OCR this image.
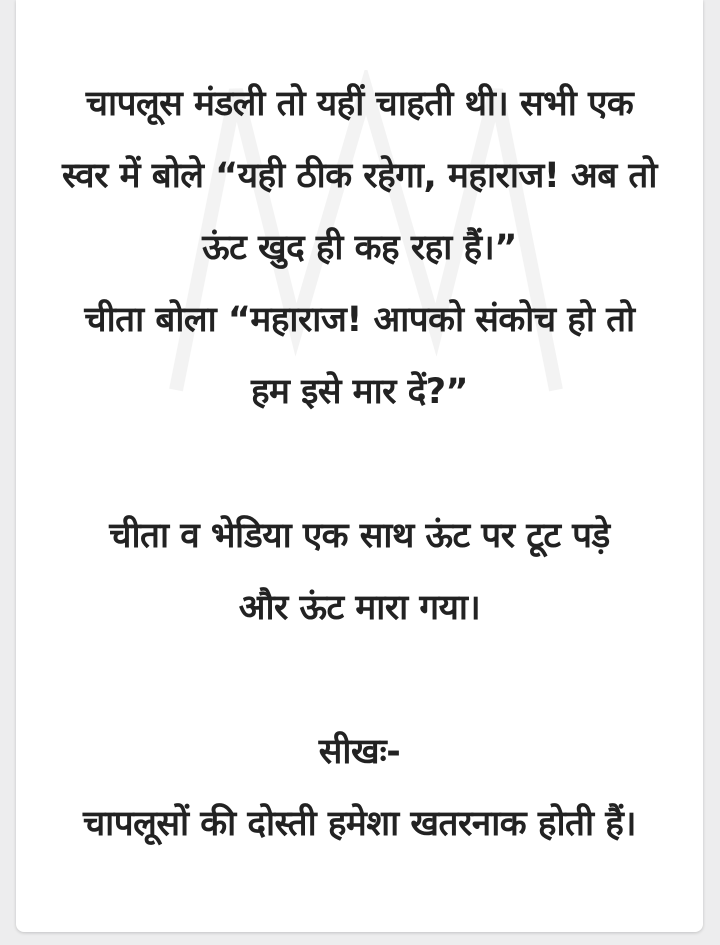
चापलूस मंडली तो यहीं चाहती थी। सभी एक
स्वर में बोले “यही ठीक रहेगा, महाराज! अब तो
ऊंट खुद ही कह रहा हैं।”
चीता बोला “महाराज! आपको संकोच हो तो
हम इसे मार दें?”
चीता व भेडिया एक साथ ऊंट पर टूट पड़े
और ऊंट मारा गया।
सीखः-
चापलूसों की दोस्ती हमेशा खतरनाक होती हैं।
